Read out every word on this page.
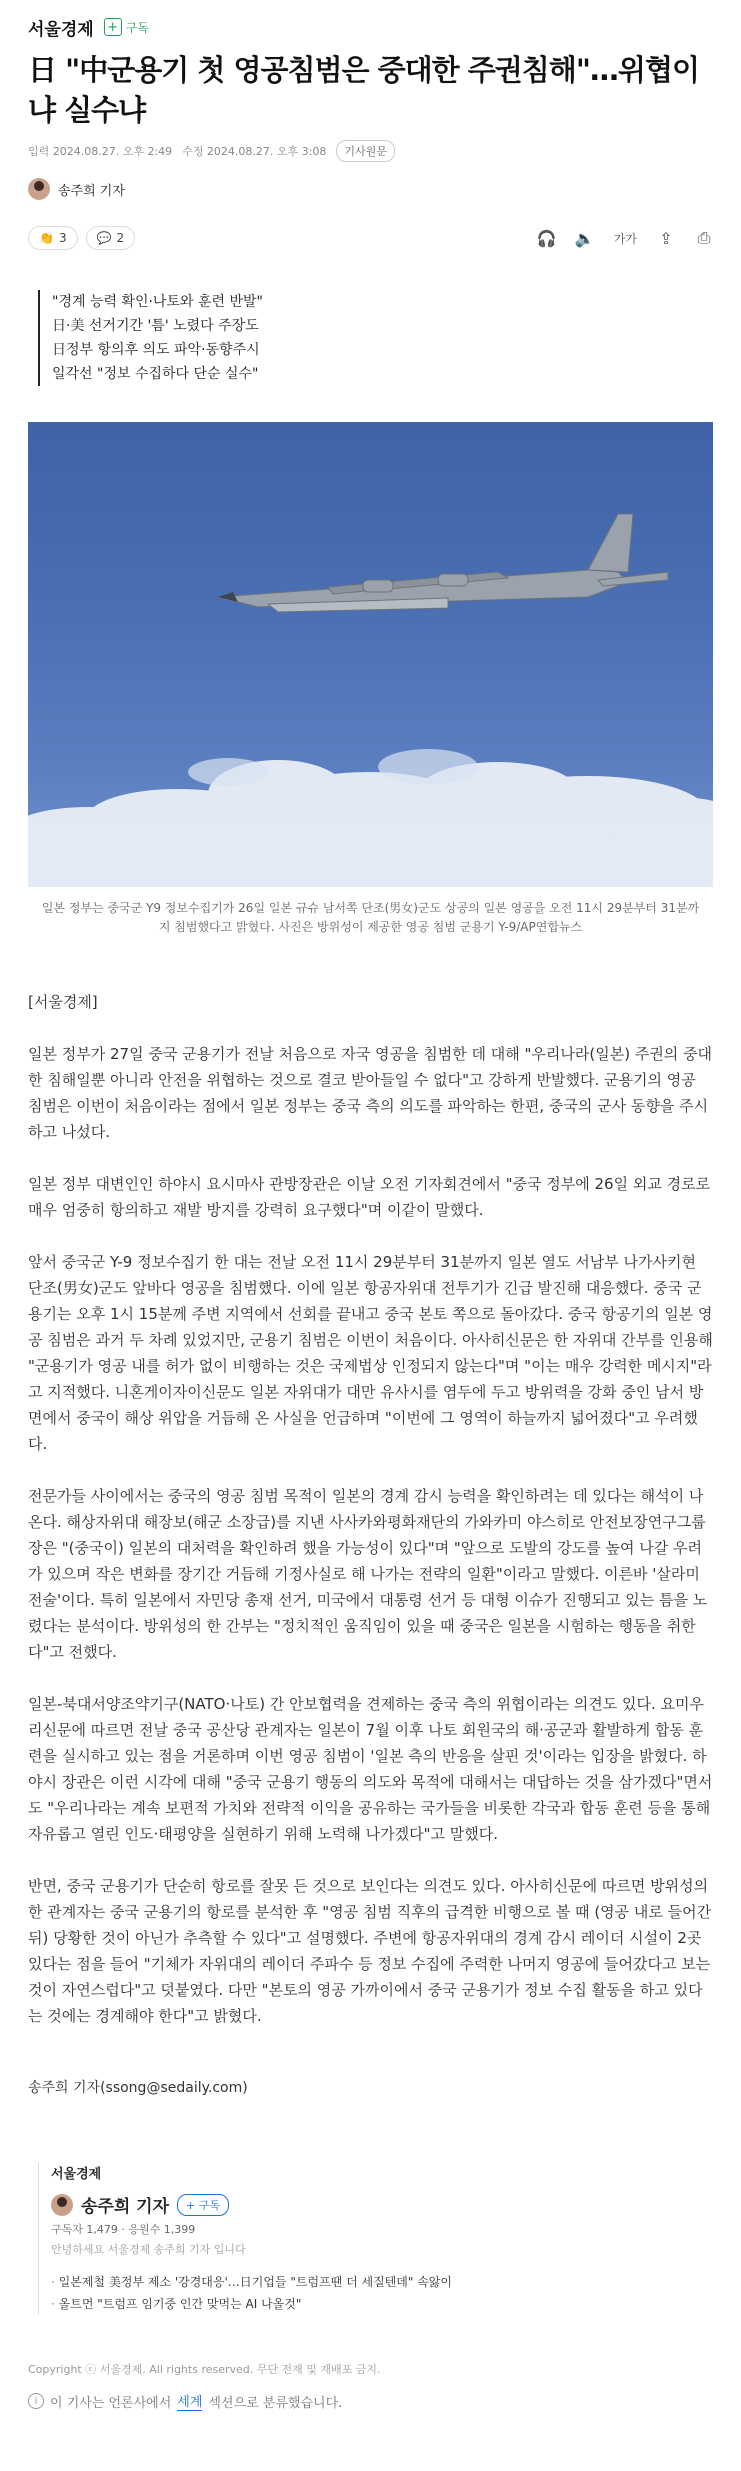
서울경제 + 구독
日 "中군용기 첫 영공침범은 중대한 주권침해"…위협이냐 실수냐
입력 2024.08.27. 오후 2:49 수정 2024.08.27. 오후 3:08	기사원문
송주희 기자
👏 3	💬 2	🎧 🔈 가가 ⇪ ⎙
"경계 능력 확인·나토와 훈련 반발"
日·美 선거기간 '틈' 노렸다 주장도
日정부 항의후 의도 파악·동향주시
일각선 "정보 수집하다 단순 실수"
일본 정부는 중국군 Y9 정보수집기가 26일 일본 규슈 남서쪽 단조(男女)군도 상공의 일본 영공을 오전 11시 29분부터 31분까지 침범했다고 밝혔다. 사진은 방위성이 제공한 영공 침범 군용기 Y-9/AP연합뉴스

[서울경제]

일본 정부가 27일 중국 군용기가 전날 처음으로 자국 영공을 침범한 데 대해 "우리나라(일본) 주권의 중대한 침해일뿐 아니라 안전을 위협하는 것으로 결코 받아들일 수 없다"고 강하게 반발했다. 군용기의 영공 침범은 이번이 처음이라는 점에서 일본 정부는 중국 측의 의도를 파악하는 한편, 중국의 군사 동향을 주시하고 나섰다.

일본 정부 대변인인 하야시 요시마사 관방장관은 이날 오전 기자회견에서 "중국 정부에 26일 외교 경로로 매우 엄중히 항의하고 재발 방지를 강력히 요구했다"며 이같이 말했다.

앞서 중국군 Y-9 정보수집기 한 대는 전날 오전 11시 29분부터 31분까지 일본 열도 서남부 나가사키현 단조(男女)군도 앞바다 영공을 침범했다. 이에 일본 항공자위대 전투기가 긴급 발진해 대응했다. 중국 군용기는 오후 1시 15분께 주변 지역에서 선회를 끝내고 중국 본토 쪽으로 돌아갔다. 중국 항공기의 일본 영공 침범은 과거 두 차례 있었지만, 군용기 침범은 이번이 처음이다. 아사히신문은 한 자위대 간부를 인용해 "군용기가 영공 내를 허가 없이 비행하는 것은 국제법상 인정되지 않는다"며 "이는 매우 강력한 메시지"라고 지적했다. 니혼게이자이신문도 일본 자위대가 대만 유사시를 염두에 두고 방위력을 강화 중인 남서 방면에서 중국이 해상 위압을 거듭해 온 사실을 언급하며 "이번에 그 영역이 하늘까지 넓어졌다"고 우려했다.

전문가들 사이에서는 중국의 영공 침범 목적이 일본의 경계 감시 능력을 확인하려는 데 있다는 해석이 나온다. 해상자위대 해장보(해군 소장급)를 지낸 사사카와평화재단의 가와카미 야스히로 안전보장연구그룹장은 "(중국이) 일본의 대처력을 확인하려 했을 가능성이 있다"며 "앞으로 도발의 강도를 높여 나갈 우려가 있으며 작은 변화를 장기간 거듭해 기정사실로 해 나가는 전략의 일환"이라고 말했다. 이른바 '살라미 전술'이다. 특히 일본에서 자민당 총재 선거, 미국에서 대통령 선거 등 대형 이슈가 진행되고 있는 틈을 노렸다는 분석이다. 방위성의 한 간부는 "정치적인 움직임이 있을 때 중국은 일본을 시험하는 행동을 취한다"고 전했다.

일본-북대서양조약기구(NATO·나토) 간 안보협력을 견제하는 중국 측의 위협이라는 의견도 있다. 요미우리신문에 따르면 전날 중국 공산당 관계자는 일본이 7월 이후 나토 회원국의 해·공군과 활발하게 합동 훈련을 실시하고 있는 점을 거론하며 이번 영공 침범이 '일본 측의 반응을 살핀 것'이라는 입장을 밝혔다. 하야시 장관은 이런 시각에 대해 "중국 군용기 행동의 의도와 목적에 대해서는 대답하는 것을 삼가겠다"면서도 "우리나라는 계속 보편적 가치와 전략적 이익을 공유하는 국가들을 비롯한 각국과 합동 훈련 등을 통해 자유롭고 열린 인도·태평양을 실현하기 위해 노력해 나가겠다"고 말했다.

반면, 중국 군용기가 단순히 항로를 잘못 든 것으로 보인다는 의견도 있다. 아사히신문에 따르면 방위성의 한 관계자는 중국 군용기의 항로를 분석한 후 "영공 침범 직후의 급격한 비행으로 볼 때 (영공 내로 들어간 뒤) 당황한 것이 아닌가 추측할 수 있다"고 설명했다. 주변에 항공자위대의 경계 감시 레이더 시설이 2곳 있다는 점을 들어 "기체가 자위대의 레이더 주파수 등 정보 수집에 주력한 나머지 영공에 들어갔다고 보는 것이 자연스럽다"고 덧붙였다. 다만 "본토의 영공 가까이에서 중국 군용기가 정보 수집 활동을 하고 있다는 것에는 경계해야 한다"고 밝혔다.

송주희 기자(ssong@sedaily.com)
서울경제
송주희 기자	+ 구독
구독자 1,479 · 응원수 1,399
안녕하세요 서울경제 송주희 기자 입니다
· 일본제철 美정부 제소 '강경대응'…日기업들 "트럼프땐 더 세질텐데" 속앓이
· 올트먼 "트럼프 임기중 인간 맞먹는 AI 나올것"
Copyright ⓒ 서울경제. All rights reserved. 무단 전재 및 재배포 금지.
i 이 기사는 언론사에서 세계 섹션으로 분류했습니다.
